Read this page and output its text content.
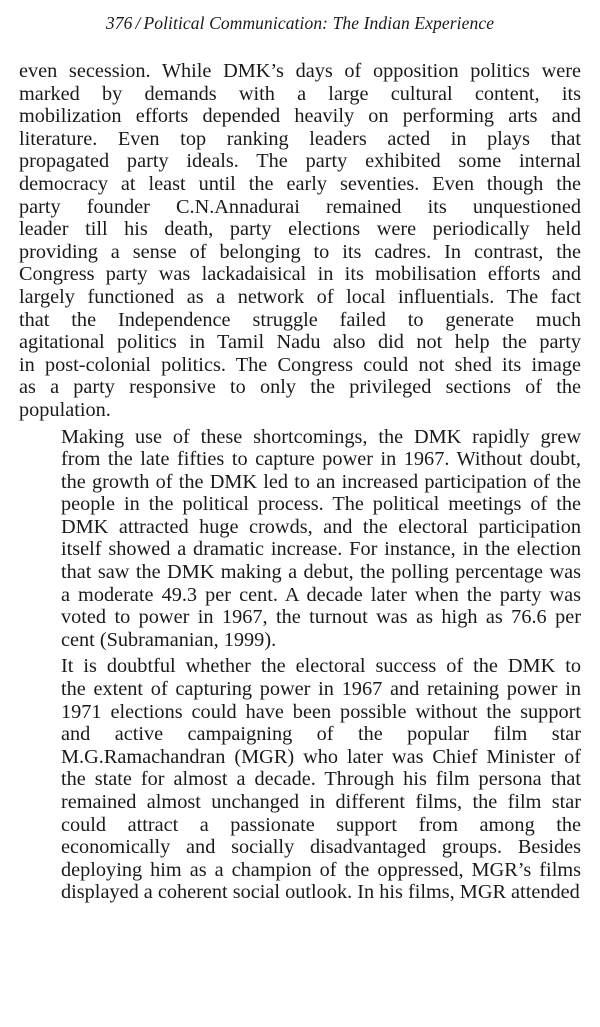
376 / Political Communication: The Indian Experience

even secession. While DMK’s days of opposition politics were
marked by demands with a large cultural content, its
mobilization efforts depended heavily on performing arts and
literature. Even top ranking leaders acted in plays that
propagated party ideals. The party exhibited some internal
democracy at least until the early seventies. Even though the
party founder C.N.Annadurai remained its unquestioned
leader till his death, party elections were periodically held
providing a sense of belonging to its cadres. In contrast, the
Congress party was lackadaisical in its mobilisation efforts and
largely functioned as a network of local influentials. The fact
that the Independence struggle failed to generate much
agitational politics in Tamil Nadu also did not help the party
in post-colonial politics. The Congress could not shed its image
as a party responsive to only the privileged sections of the
population.

Making use of these shortcomings, the DMK rapidly grew
from the late fifties to capture power in 1967. Without doubt,
the growth of the DMK led to an increased participation of the
people in the political process. The political meetings of the
DMK attracted huge crowds, and the electoral participation
itself showed a dramatic increase. For instance, in the election
that saw the DMK making a debut, the polling percentage was
a moderate 49.3 per cent. A decade later when the party was
voted to power in 1967, the turnout was as high as 76.6 per
cent (Subramanian, 1999).

It is doubtful whether the electoral success of the DMK to
the extent of capturing power in 1967 and retaining power in
1971 elections could have been possible without the support
and active campaigning of the popular film star
M.G.Ramachandran (MGR) who later was Chief Minister of
the state for almost a decade. Through his film persona that
remained almost unchanged in different films, the film star
could attract a passionate support from among the
economically and socially disadvantaged groups. Besides
deploying him as a champion of the oppressed, MGR’s films
displayed a coherent social outlook. In his films, MGR attended
